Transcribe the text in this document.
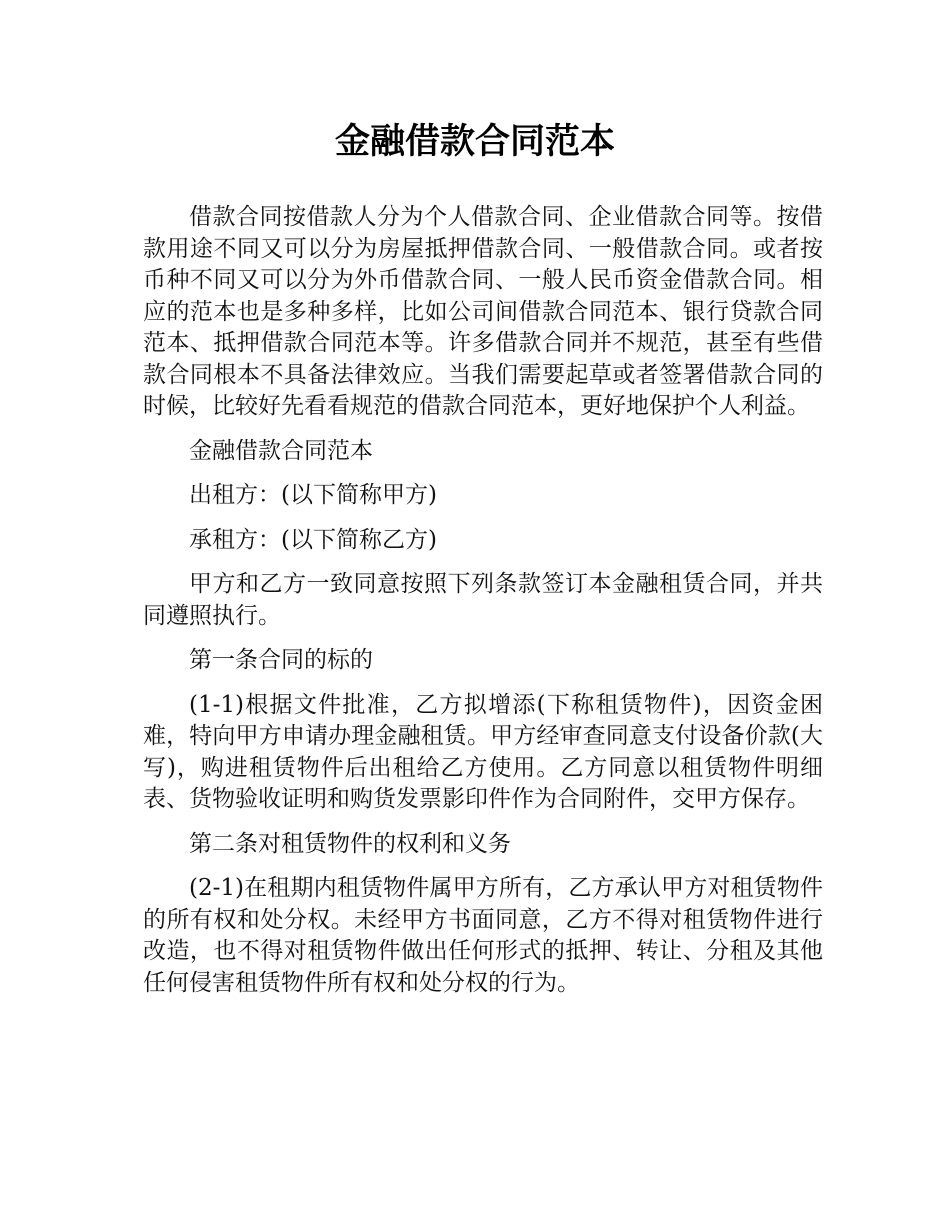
金融借款合同范本

借款合同按借款人分为个人借款合同、企业借款合同等。按借款用途不同又可以分为房屋抵押借款合同、一般借款合同。或者按币种不同又可以分为外币借款合同、一般人民币资金借款合同。相应的范本也是多种多样，比如公司间借款合同范本、银行贷款合同范本、抵押借款合同范本等。许多借款合同并不规范，甚至有些借款合同根本不具备法律效应。当我们需要起草或者签署借款合同的时候，比较好先看看规范的借款合同范本，更好地保护个人利益。

金融借款合同范本

出租方：(以下简称甲方)

承租方：(以下简称乙方)

甲方和乙方一致同意按照下列条款签订本金融租赁合同，并共同遵照执行。

第一条合同的标的

(1-1)根据文件批准，乙方拟增添(下称租赁物件)，因资金困难，特向甲方申请办理金融租赁。甲方经审查同意支付设备价款(大写)，购进租赁物件后出租给乙方使用。乙方同意以租赁物件明细表、货物验收证明和购货发票影印件作为合同附件，交甲方保存。

第二条对租赁物件的权利和义务

(2-1)在租期内租赁物件属甲方所有，乙方承认甲方对租赁物件的所有权和处分权。未经甲方书面同意，乙方不得对租赁物件进行改造，也不得对租赁物件做出任何形式的抵押、转让、分租及其他任何侵害租赁物件所有权和处分权的行为。
